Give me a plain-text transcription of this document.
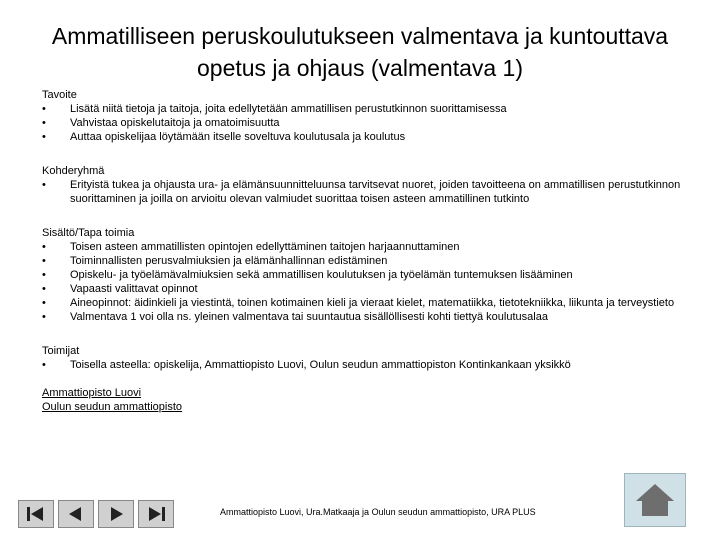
Ammatilliseen peruskoulutukseen valmentava ja kuntouttava opetus ja ohjaus (valmentava 1)
Tavoite
• Lisätä niitä tietoja ja taitoja, joita edellytetään ammatillisen perustutkinnon suorittamisessa
• Vahvistaa opiskelutaitoja ja omatoimisuutta
• Auttaa opiskelijaa löytämään itselle soveltuva koulutusala ja koulutus
Kohderyhmä
• Erityistä tukea ja ohjausta ura- ja elämänsuunnitteluunsa tarvitsevat nuoret, joiden tavoitteena on ammatillisen perustutkinnon suorittaminen ja joilla on arvioitu olevan valmiudet suorittaa toisen asteen ammatillinen tutkinto
Sisältö/Tapa toimia
• Toisen asteen ammatillisten opintojen edellyttäminen taitojen harjaannuttaminen
• Toiminnallisten perusvalmiuksien ja elämänhallinnan edistäminen
• Opiskelu- ja työelämävalmiuksien sekä ammatillisen koulutuksen ja työelämän tuntemuksen lisääminen
• Vapaasti valittavat opinnot
• Aineopinnot: äidinkieli ja viestintä, toinen kotimainen kieli ja vieraat kielet, matematiikka, tietotekniikka, liikunta ja terveystieto
• Valmentava 1 voi olla ns. yleinen valmentava tai suuntautua sisällöllisesti kohti tiettyä koulutusalaa
Toimijat
• Toisella asteella: opiskelija, Ammattiopisto Luovi, Oulun seudun ammattiopiston Kontinkankaan yksikkö
Ammattiopisto Luovi
Oulun seudun ammattiopisto
Ammattiopisto Luovi, Ura.Matkaaja ja Oulun seudun ammattiopisto, URA PLUS
